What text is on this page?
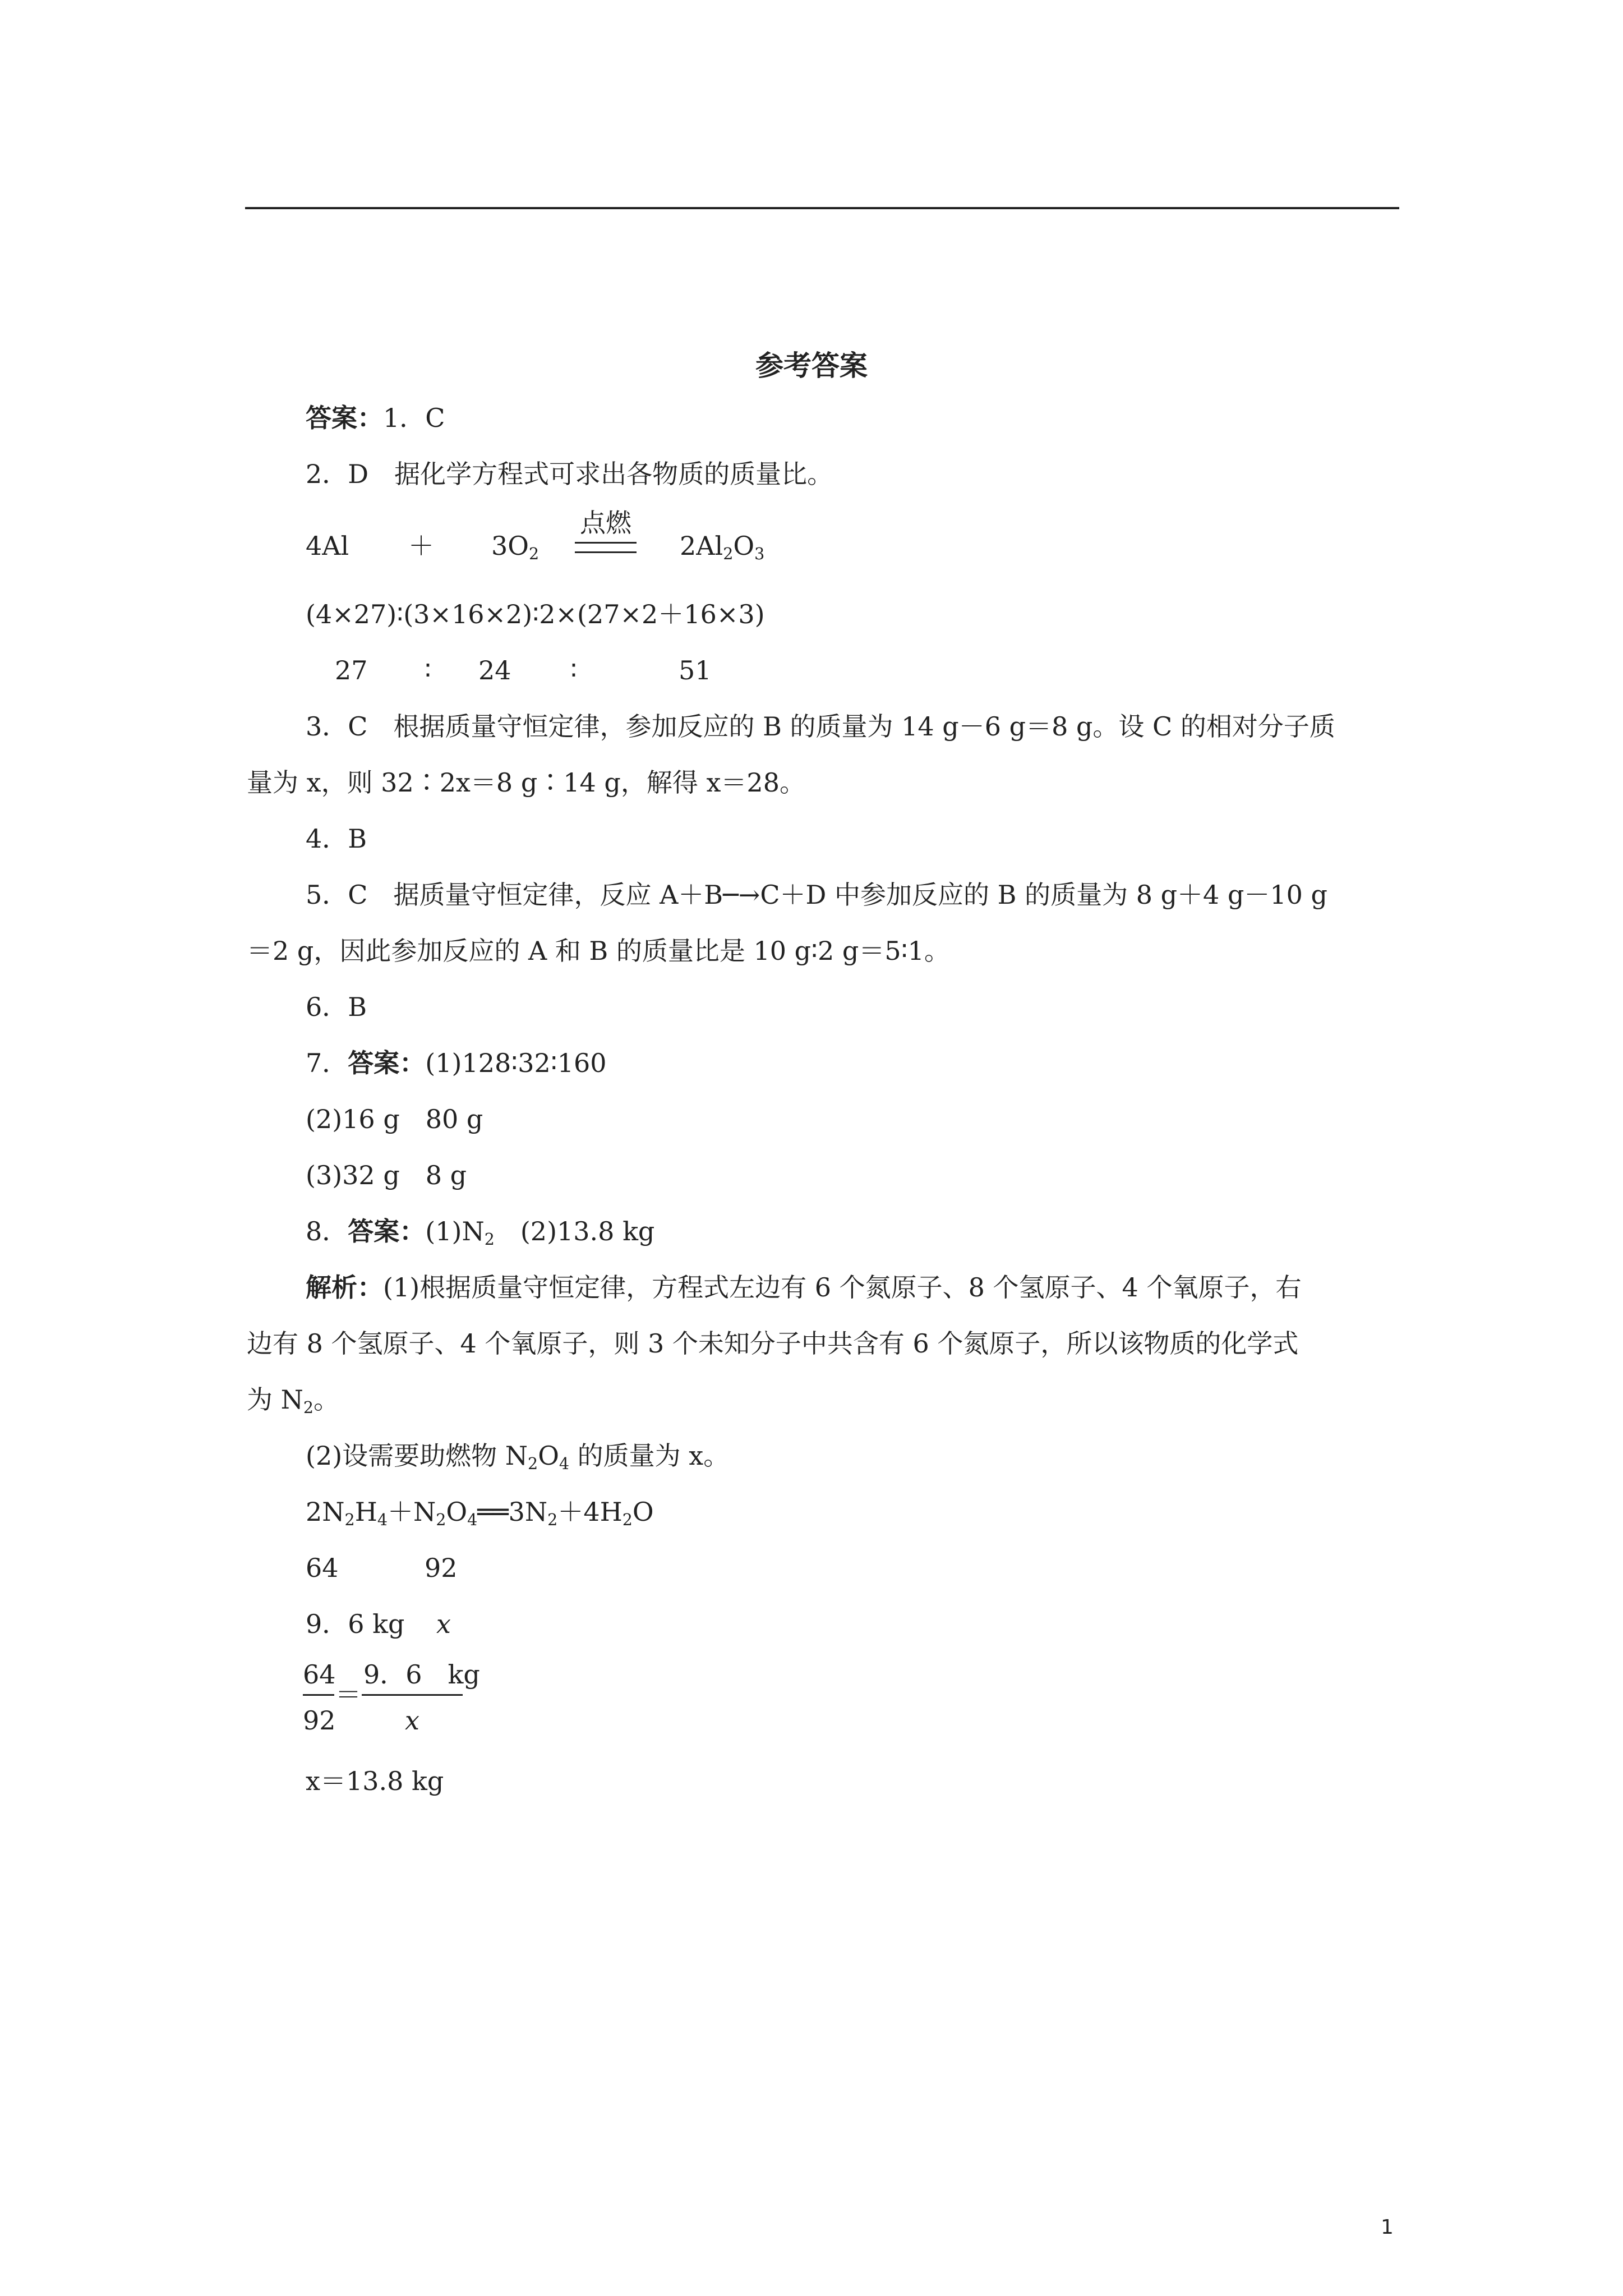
参考答案
答案：1．C
2．D　据化学方程式可求出各物质的质量比。
$4Al + 3O_2$
点燃
$2Al_2O_3$
(4×27)∶(3×16×2)∶2×(27×2＋16×3)
27 ∶ 24 ∶	51
3．C　根据质量守恒定律，参加反应的 B 的质量为 14 g－6 g＝8 g。设 C 的相对分子质
量为 x，则 32∶2x＝8 g∶14 g，解得 x＝28。
4．B
5．C　据质量守恒定律，反应 A＋B─→C＋D 中参加反应的 B 的质量为 8 g＋4 g－10 g
＝2 g，因此参加反应的 A 和 B 的质量比是 10 g∶2 g＝5∶1。
6．B
7．答案：(1)128∶32∶160
(2)16 g　80 g
(3)32 g　8 g
8．答案：$(1)N_2$　(2)13.8 kg
解析：(1)根据质量守恒定律，方程式左边有 6 个氮原子、8 个氢原子、4 个氧原子，右
边有 8 个氢原子、4 个氧原子，则 3 个未知分子中共含有 6 个氮原子，所以该物质的化学式
为 $N_2$。
(2)设需要助燃物 $N_2O_4$ 的质量为 x。
$2N_2H_4+N_2O_4══3N_2+4H_2O$
64	92
9．6 kg x
64
92
＝
9．6　kg
x
x＝13.8 kg
1
